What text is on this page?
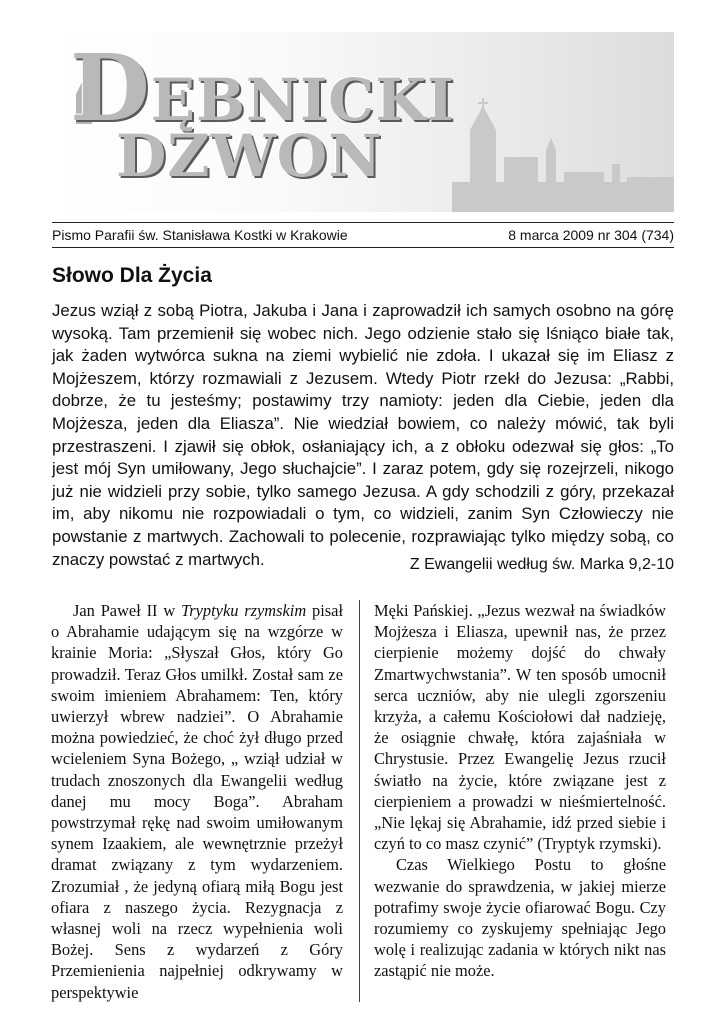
DĘBNICKI
DZWON
Pismo Parafii św. Stanisława Kostki w Krakowie	8 marca 2009 nr 304 (734)
Słowo Dla Życia

Jezus wziął z sobą Piotra, Jakuba i Jana i zaprowadził ich samych osobno na górę wysoką. Tam przemienił się wobec nich. Jego odzienie stało się lśniąco białe tak, jak żaden wytwórca sukna na ziemi wybielić nie zdoła. I ukazał się im Eliasz z Mojżeszem, którzy rozmawiali z Jezusem. Wtedy Piotr rzekł do Jezusa: „Rabbi, dobrze, że tu jesteśmy; postawimy trzy namioty: jeden dla Ciebie, jeden dla Mojżesza, jeden dla Eliasza”. Nie wiedział bowiem, co należy mówić, tak byli przestraszeni. I zjawił się obłok, osłaniający ich, a z obłoku odezwał się głos: „To jest mój Syn umiłowany, Jego słuchajcie”. I zaraz potem, gdy się rozejrzeli, nikogo już nie widzieli przy sobie, tylko samego Jezusa. A gdy schodzili z góry, przekazał im, aby nikomu nie rozpowiadali o tym, co widzieli, zanim Syn Człowieczy nie powstanie z martwych. Zachowali to polecenie, rozprawiając tylko między sobą, co znaczy powstać z martwych.	Z Ewangelii według św. Marka 9,2-10

Jan Paweł II w Tryptyku rzymskim pisał o Abrahamie udającym się na wzgórze w krainie Moria: „Słyszał Głos, który Go prowadził. Teraz Głos umilkł. Został sam ze swoim imieniem Abrahamem: Ten, który uwierzył wbrew nadziei”. O Abrahamie można powiedzieć, że choć żył długo przed wcieleniem Syna Bożego, „ wziął udział w trudach znoszonych dla Ewangelii według danej mu mocy Boga”. Abraham powstrzymał rękę nad swoim umiłowanym synem Izaakiem, ale wewnętrznie przeżył dramat związany z tym wydarzeniem. Zrozumiał , że jedyną ofiarą miłą Bogu jest ofiara z naszego życia. Rezygnacja z własnej woli na rzecz wypełnienia woli Bożej. Sens z wydarzeń z Góry Przemienienia najpełniej odkrywamy w perspektywie

Męki Pańskiej. „Jezus wezwał na świadków Mojżesza i Eliasza, upewnił nas, że przez cierpienie możemy dojść do chwały Zmartwychwstania”. W ten sposób umocnił serca uczniów, aby nie ulegli zgorszeniu krzyża, a całemu Kościołowi dał nadzieję, że osiągnie chwałę, która zajaśniała w Chrystusie. Przez Ewangelię Jezus rzucił światło na życie, które związane jest z cierpieniem a prowadzi w nieśmiertelność. „Nie lękaj się Abrahamie, idź przed siebie i czyń to co masz czynić” (Tryptyk rzymski).

Czas Wielkiego Postu to głośne wezwanie do sprawdzenia, w jakiej mierze potrafimy swoje życie ofiarować Bogu. Czy rozumiemy co zyskujemy spełniając Jego wolę i realizując zadania w których nikt nas zastąpić nie może.
